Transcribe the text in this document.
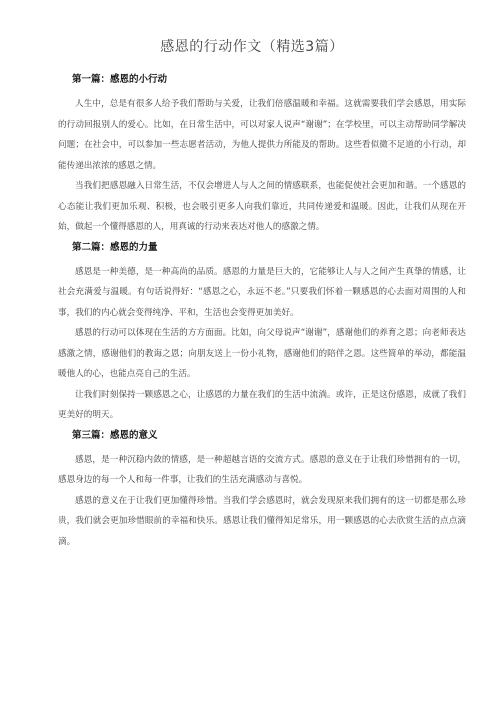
感恩的行动作文（精选3篇）
第一篇：感恩的小行动

人生中，总是有很多人给予我们帮助与关爱，让我们倍感温暖和幸福。这就需要我们学会感恩，用实际的行动回报别人的爱心。比如，在日常生活中，可以对家人说声“谢谢”；在学校里，可以主动帮助同学解决问题；在社会中，可以参加一些志愿者活动，为他人提供力所能及的帮助。这些看似微不足道的小行动，却能传递出浓浓的感恩之情。

当我们把感恩融入日常生活，不仅会增进人与人之间的情感联系，也能促使社会更加和谐。一个感恩的心态能让我们更加乐观、积极，也会吸引更多人向我们靠近，共同传递爱和温暖。因此，让我们从现在开始，做起一个懂得感恩的人，用真诚的行动来表达对他人的感激之情。

第二篇：感恩的力量

感恩是一种美德，是一种高尚的品质。感恩的力量是巨大的，它能够让人与人之间产生真挚的情感，让社会充满爱与温暖。有句话说得好：“感恩之心，永远不老。”只要我们怀着一颗感恩的心去面对周围的人和事，我们的内心就会变得纯净、平和，生活也会变得更加美好。

感恩的行动可以体现在生活的方方面面。比如，向父母说声“谢谢”，感谢他们的养育之恩；向老师表达感激之情，感谢他们的教诲之恩；向朋友送上一份小礼物，感谢他们的陪伴之恩。这些简单的举动，都能温暖他人的心，也能点亮自己的生活。

让我们时刻保持一颗感恩之心，让感恩的力量在我们的生活中流淌。或许，正是这份感恩，成就了我们更美好的明天。

第三篇：感恩的意义

感恩，是一种沉稳内敛的情感，是一种超越言语的交流方式。感恩的意义在于让我们珍惜拥有的一切，感恩身边的每一个人和每一件事，让我们的生活充满感动与喜悦。

感恩的意义在于让我们更加懂得珍惜。当我们学会感恩时，就会发现原来我们拥有的这一切都是那么珍贵，我们就会更加珍惜眼前的幸福和快乐。感恩让我们懂得知足常乐，用一颗感恩的心去欣赏生活的点点滴滴。
